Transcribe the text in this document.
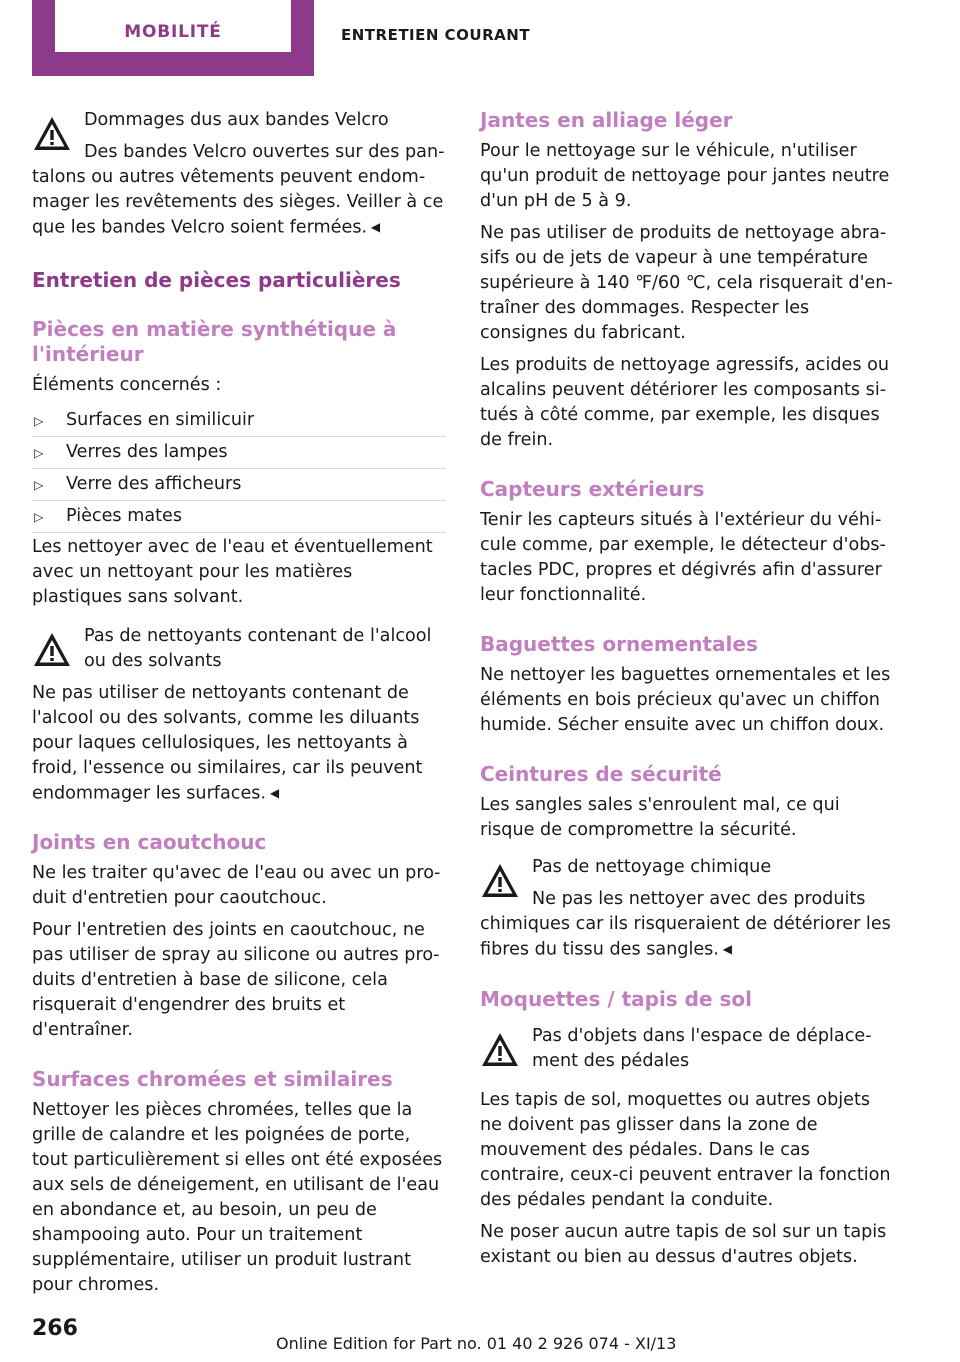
MOBILITÉ	ENTRETIEN COURANT

Dommages dus aux bandes Velcro

Des bandes Velcro ouvertes sur des pantalons ou autres vêtements peuvent endommager les revêtements des sièges. Veiller à ce que les bandes Velcro soient fermées. ◀

Entretien de pièces particulières
Pièces en matière synthétique à l'intérieur

Éléments concernés :

▷ Surfaces en similicuir
▷ Verres des lampes
▷ Verre des afficheurs
▷ Pièces mates

Les nettoyer avec de l'eau et éventuellement avec un nettoyant pour les matières plastiques sans solvant.

Pas de nettoyants contenant de l'alcool ou des solvants

Ne pas utiliser de nettoyants contenant de l'alcool ou des solvants, comme les diluants pour laques cellulosiques, les nettoyants à froid, l'essence ou similaires, car ils peuvent endommager les surfaces. ◀

Joints en caoutchouc

Ne les traiter qu'avec de l'eau ou avec un produit d'entretien pour caoutchouc.

Pour l'entretien des joints en caoutchouc, ne pas utiliser de spray au silicone ou autres produits d'entretien à base de silicone, cela risquerait d'engendrer des bruits et d'entraîner.

Surfaces chromées et similaires

Nettoyer les pièces chromées, telles que la grille de calandre et les poignées de porte, tout particulièrement si elles ont été exposées aux sels de déneigement, en utilisant de l'eau en abondance et, au besoin, un peu de shampooing auto. Pour un traitement supplémentaire, utiliser un produit lustrant pour chromes.

Jantes en alliage léger

Pour le nettoyage sur le véhicule, n'utiliser qu'un produit de nettoyage pour jantes neutre d'un pH de 5 à 9.

Ne pas utiliser de produits de nettoyage abrasifs ou de jets de vapeur à une température supérieure à 140 ℉/60 ℃, cela risquerait d'entraîner des dommages. Respecter les consignes du fabricant.

Les produits de nettoyage agressifs, acides ou alcalins peuvent détériorer les composants situés à côté comme, par exemple, les disques de frein.

Capteurs extérieurs

Tenir les capteurs situés à l'extérieur du véhicule comme, par exemple, le détecteur d'obstacles PDC, propres et dégivrés afin d'assurer leur fonctionnalité.

Baguettes ornementales

Ne nettoyer les baguettes ornementales et les éléments en bois précieux qu'avec un chiffon humide. Sécher ensuite avec un chiffon doux.

Ceintures de sécurité

Les sangles sales s'enroulent mal, ce qui risque de compromettre la sécurité.

Pas de nettoyage chimique

Ne pas les nettoyer avec des produits chimiques car ils risqueraient de détériorer les fibres du tissu des sangles. ◀

Moquettes / tapis de sol

Pas d'objets dans l'espace de déplacement des pédales

Les tapis de sol, moquettes ou autres objets ne doivent pas glisser dans la zone de mouvement des pédales. Dans le cas contraire, ceux-ci peuvent entraver la fonction des pédales pendant la conduite.

Ne poser aucun autre tapis de sol sur un tapis existant ou bien au dessus d'autres objets.

266
Online Edition for Part no. 01 40 2 926 074 - XI/13
